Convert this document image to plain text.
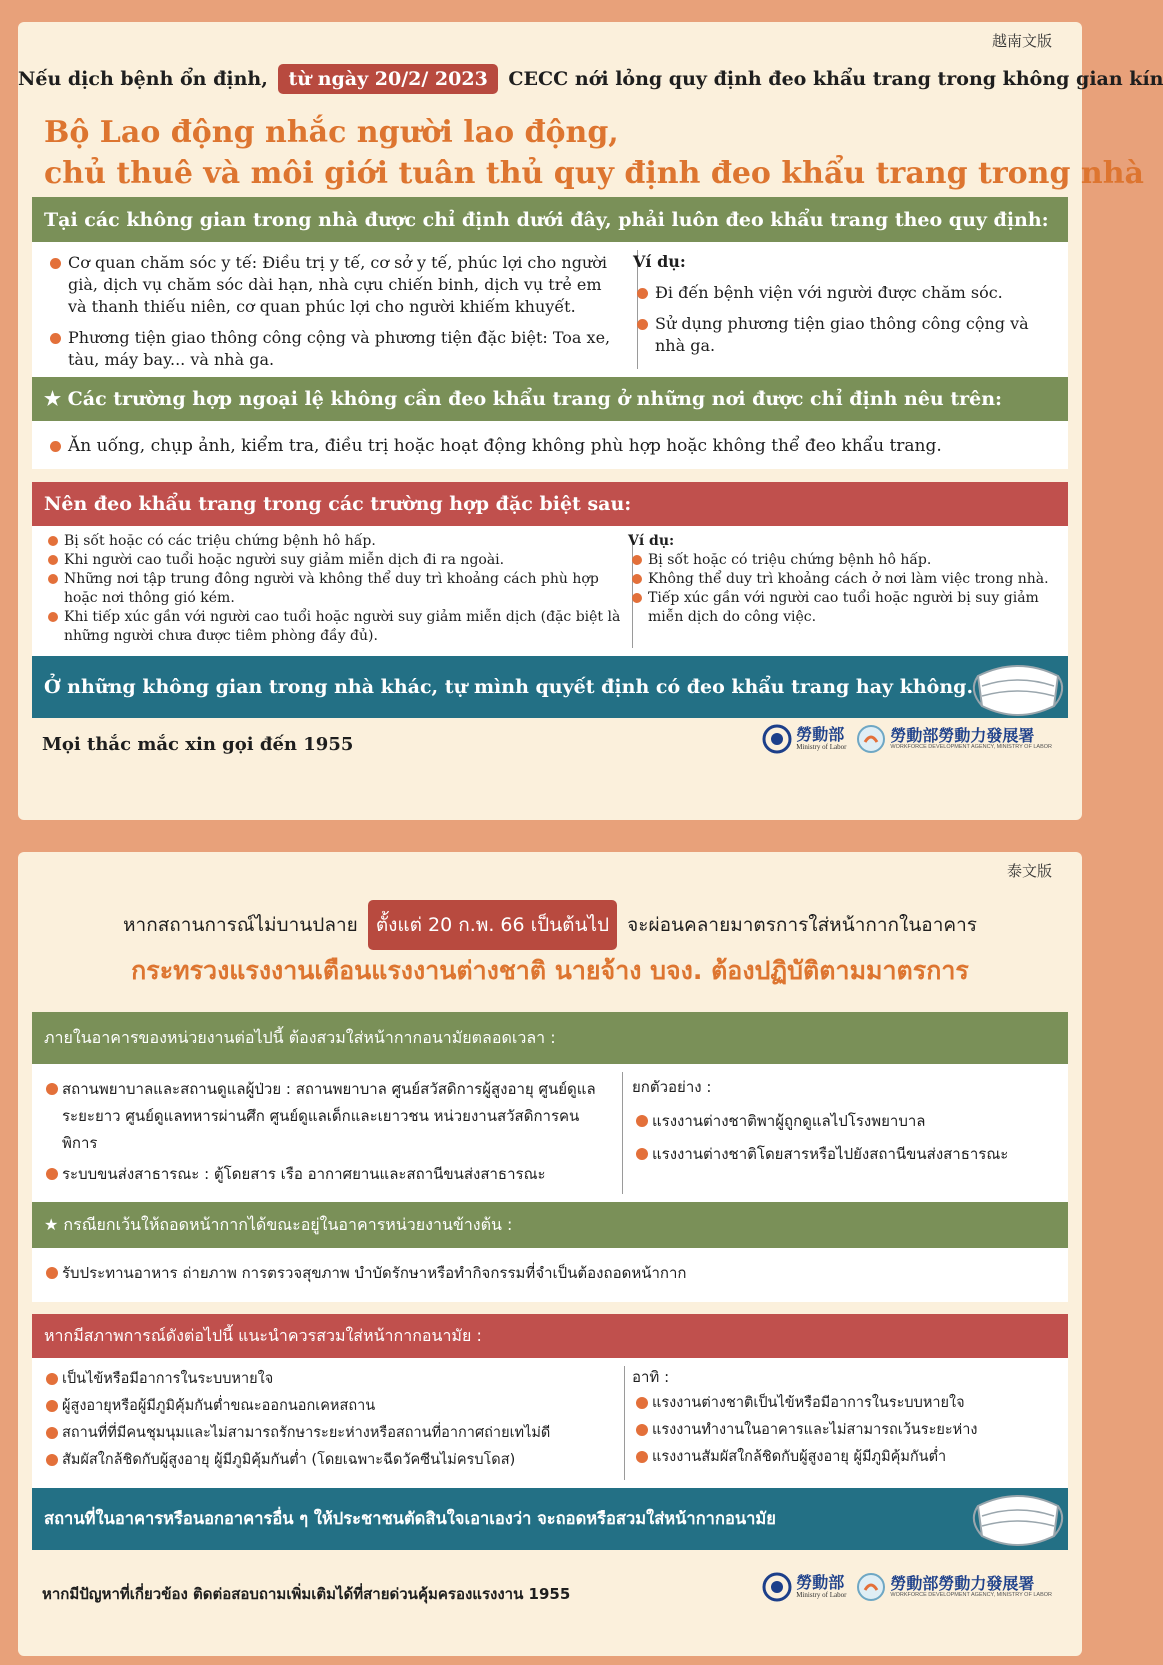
越南文版
Nếu dịch bệnh ổn định, từ ngày 20/2/ 2023 CECC nới lỏng quy định đeo khẩu trang trong không gian kín
Bộ Lao động nhắc người lao động,
chủ thuê và môi giới tuân thủ quy định đeo khẩu trang trong nhà
Tại các không gian trong nhà được chỉ định dưới đây, phải luôn đeo khẩu trang theo quy định:
Cơ quan chăm sóc y tế: Điều trị y tế, cơ sở y tế, phúc lợi cho người già, dịch vụ chăm sóc dài hạn, nhà cựu chiến binh, dịch vụ trẻ em và thanh thiếu niên, cơ quan phúc lợi cho người khiếm khuyết.
Phương tiện giao thông công cộng và phương tiện đặc biệt: Toa xe, tàu, máy bay... và nhà ga.
Ví dụ:
Đi đến bệnh viện với người được chăm sóc.
Sử dụng phương tiện giao thông công cộng và nhà ga.
★ Các trường hợp ngoại lệ không cần đeo khẩu trang ở những nơi được chỉ định nêu trên:
Ăn uống, chụp ảnh, kiểm tra, điều trị hoặc hoạt động không phù hợp hoặc không thể đeo khẩu trang.
Nên đeo khẩu trang trong các trường hợp đặc biệt sau:
Bị sốt hoặc có các triệu chứng bệnh hô hấp.
Khi người cao tuổi hoặc người suy giảm miễn dịch đi ra ngoài.
Những nơi tập trung đông người và không thể duy trì khoảng cách phù hợp hoặc nơi thông gió kém.
Khi tiếp xúc gần với người cao tuổi hoặc người suy giảm miễn dịch (đặc biệt là những người chưa được tiêm phòng đầy đủ).
Ví dụ:
Bị sốt hoặc có triệu chứng bệnh hô hấp.
Không thể duy trì khoảng cách ở nơi làm việc trong nhà.
Tiếp xúc gần với người cao tuổi hoặc người bị suy giảm miễn dịch do công việc.
Ở những không gian trong nhà khác, tự mình quyết định có đeo khẩu trang hay không.
Mọi thắc mắc xin gọi đến 1955	勞動部
Ministry of Labor
勞動部勞動力發展署
WORKFORCE DEVELOPMENT AGENCY, MINISTRY OF LABOR
泰文版
หากสถานการณ์ไม่บานปลาย ตั้งแต่ 20 ก.พ. 66 เป็นต้นไป จะผ่อนคลายมาตรการใส่หน้ากากในอาคาร
กระทรวงแรงงานเตือนแรงงานต่างชาติ นายจ้าง บจง. ต้องปฏิบัติตามมาตรการ
ภายในอาคารของหน่วยงานต่อไปนี้ ต้องสวมใส่หน้ากากอนามัยตลอดเวลา :
สถานพยาบาลและสถานดูแลผู้ป่วย : สถานพยาบาล ศูนย์สวัสดิการผู้สูงอายุ ศูนย์ดูแลระยะยาว ศูนย์ดูแลทหารผ่านศึก ศูนย์ดูแลเด็กและเยาวชน หน่วยงานสวัสดิการคนพิการ
ระบบขนส่งสาธารณะ : ตู้โดยสาร เรือ อากาศยานและสถานีขนส่งสาธารณะ
ยกตัวอย่าง :
แรงงานต่างชาติพาผู้ถูกดูแลไปโรงพยาบาล
แรงงานต่างชาติโดยสารหรือไปยังสถานีขนส่งสาธารณะ
★ กรณียกเว้นให้ถอดหน้ากากได้ขณะอยู่ในอาคารหน่วยงานข้างต้น :
รับประทานอาหาร ถ่ายภาพ การตรวจสุขภาพ บำบัดรักษาหรือทำกิจกรรมที่จำเป็นต้องถอดหน้ากาก
หากมีสภาพการณ์ดังต่อไปนี้ แนะนำควรสวมใส่หน้ากากอนามัย :
เป็นไข้หรือมีอาการในระบบหายใจ
ผู้สูงอายุหรือผู้มีภูมิคุ้มกันต่ำขณะออกนอกเคหสถาน
สถานที่ที่มีคนชุมนุมและไม่สามารถรักษาระยะห่างหรือสถานที่อากาศถ่ายเทไม่ดี
สัมผัสใกล้ชิดกับผู้สูงอายุ ผู้มีภูมิคุ้มกันต่ำ (โดยเฉพาะฉีดวัคซีนไม่ครบโดส)
อาทิ :
แรงงานต่างชาติเป็นไข้หรือมีอาการในระบบหายใจ
แรงงานทำงานในอาคารและไม่สามารถเว้นระยะห่าง
แรงงานสัมผัสใกล้ชิดกับผู้สูงอายุ ผู้มีภูมิคุ้มกันต่ำ
สถานที่ในอาคารหรือนอกอาคารอื่น ๆ ให้ประชาชนตัดสินใจเอาเองว่า จะถอดหรือสวมใส่หน้ากากอนามัย
หากมีปัญหาที่เกี่ยวข้อง ติดต่อสอบถามเพิ่มเติมได้ที่สายด่วนคุ้มครองแรงงาน 1955
勞動部
Ministry of Labor
勞動部勞動力發展署
WORKFORCE DEVELOPMENT AGENCY, MINISTRY OF LABOR
